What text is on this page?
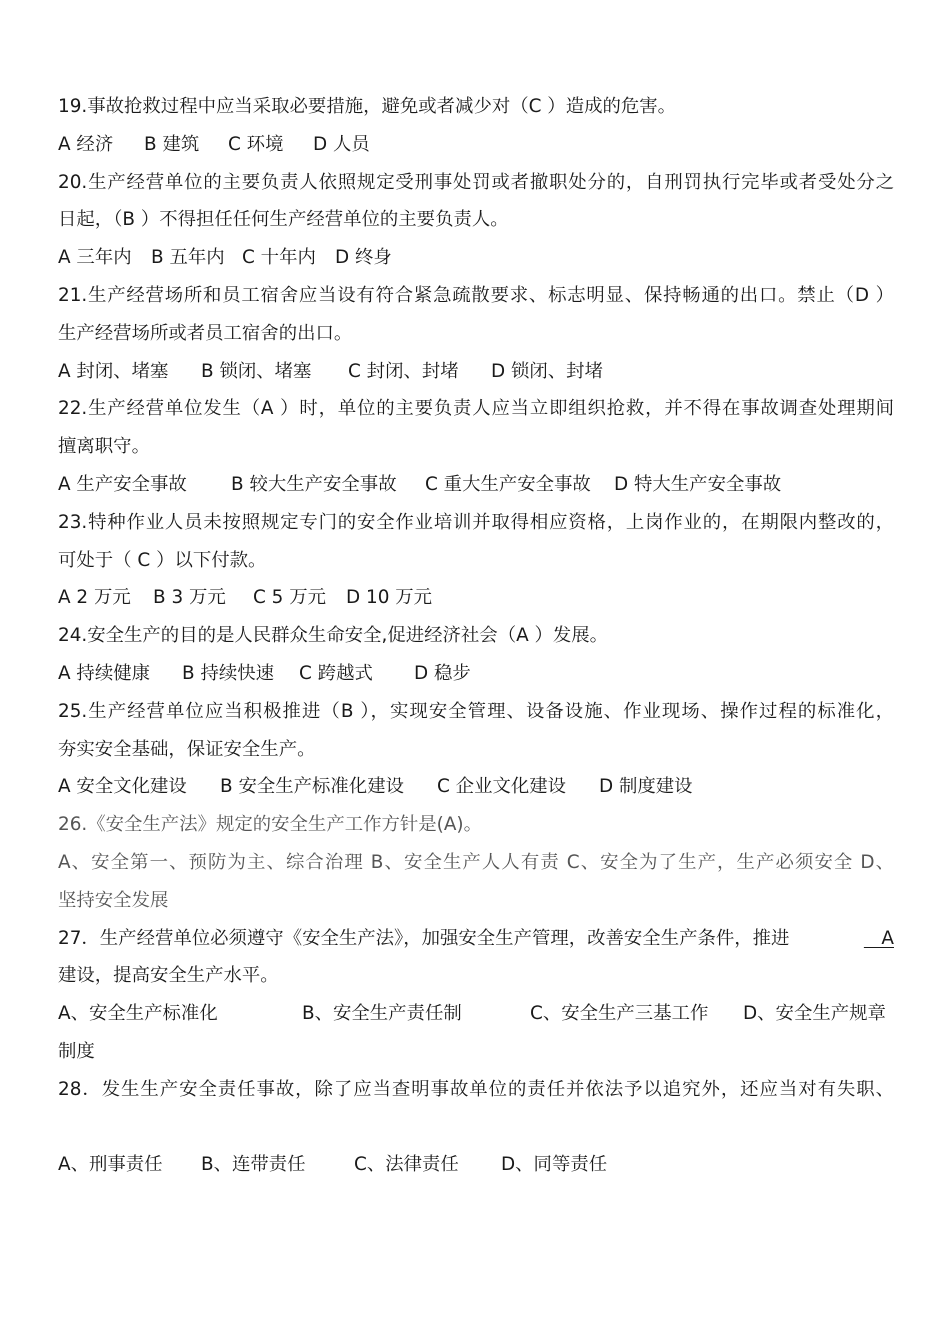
19.事故抢救过程中应当采取必要措施，避免或者减少对（C ）造成的危害。
A 经济	B 建筑	C 环境	D 人员
20.生产经营单位的主要负责人依照规定受刑事处罚或者撤职处分的，自刑罚执行完毕或者受处分之
日起，（B ）不得担任任何生产经营单位的主要负责人。
A 三年内	B 五年内 C 十年内	D 终身
21.生产经营场所和员工宿舍应当设有符合紧急疏散要求、标志明显、保持畅通的出口。禁止（D ）
生产经营场所或者员工宿舍的出口。
A 封闭、堵塞	B 锁闭、堵塞	C 封闭、封堵	D 锁闭、封堵
22.生产经营单位发生（A ）时，单位的主要负责人应当立即组织抢救，并不得在事故调查处理期间
擅离职守。
A 生产安全事故	B 较大生产安全事故	C 重大生产安全事故	D 特大生产安全事故
23.特种作业人员未按照规定专门的安全作业培训并取得相应资格，上岗作业的，在期限内整改的，
可处于（ C ）以下付款。
A 2 万元	B 3 万元	C 5 万元	D 10 万元
24.安全生产的目的是人民群众生命安全,促进经济社会（A ）发展。
A 持续健康	B 持续快速	C 跨越式	D 稳步
25.生产经营单位应当积极推进（B ），实现安全管理、设备设施、作业现场、操作过程的标准化，
夯实安全基础，保证安全生产。
A 安全文化建设	B 安全生产标准化建设	C 企业文化建设	D 制度建设
26.《安全生产法》规定的安全生产工作方针是(A)。
A、安全第一、预防为主、综合治理 B、安全生产人人有责 C、安全为了生产，生产必须安全 D、
坚持安全发展
27．生产经营单位必须遵守《安全生产法》，加强安全生产管理，改善安全生产条件，推进	A
建设，提高安全生产水平。
A、安全生产标准化	B、安全生产责任制	C、安全生产三基工作	D、安全生产规章
制度
28．发生生产安全责任事故，除了应当查明事故单位的责任并依法予以追究外，还应当对有失职、

A、刑事责任	B、连带责任	C、法律责任	D、同等责任
